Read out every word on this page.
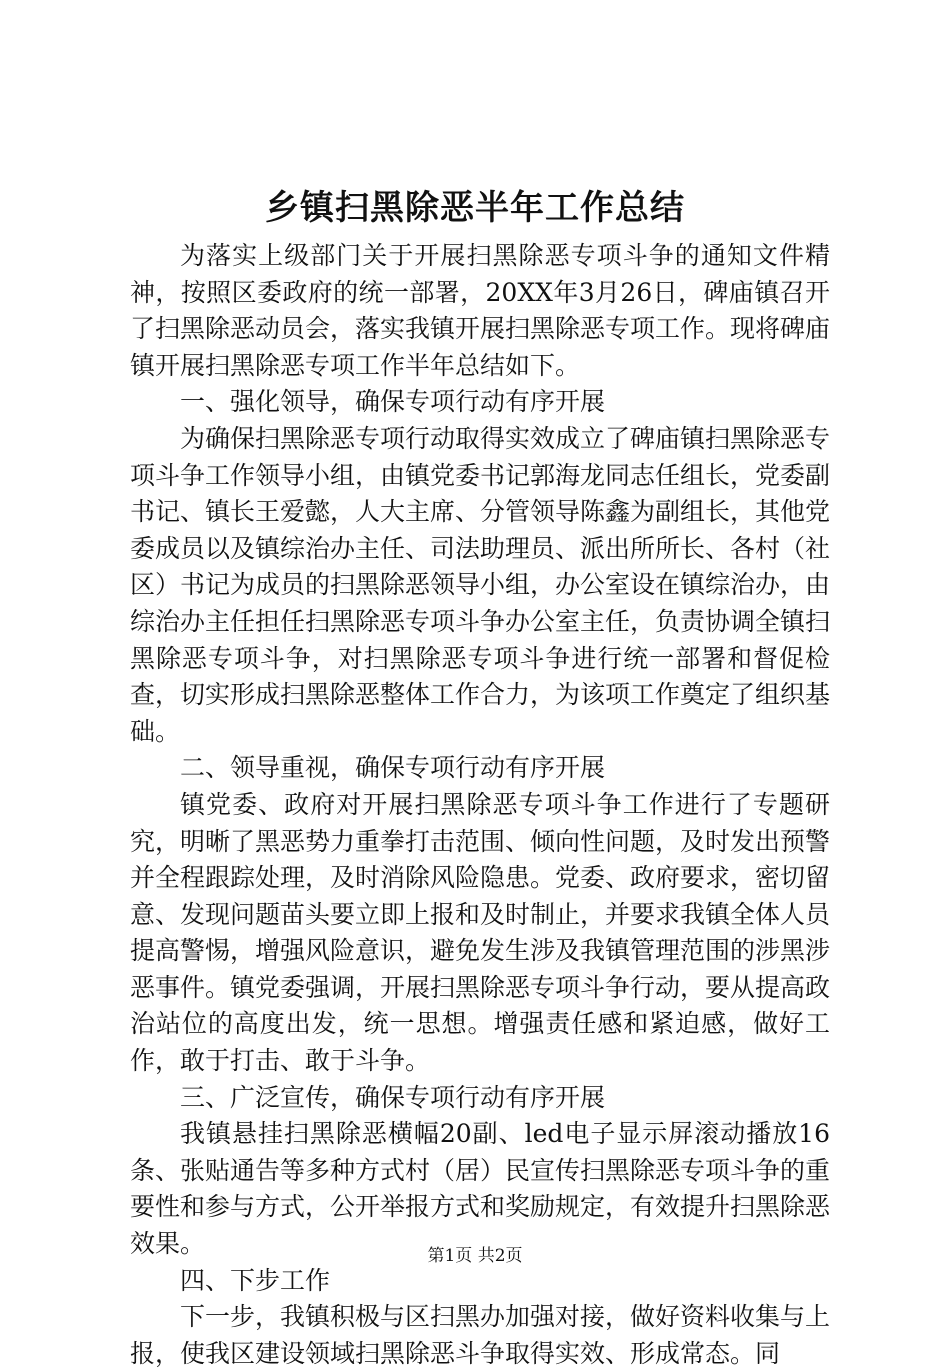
乡镇扫黑除恶半年工作总结

为落实上级部门关于开展扫黑除恶专项斗争的通知文件精神，按照区委政府的统一部署，20XX年3月26日，碑庙镇召开了扫黑除恶动员会，落实我镇开展扫黑除恶专项工作。现将碑庙镇开展扫黑除恶专项工作半年总结如下。

一、强化领导，确保专项行动有序开展

为确保扫黑除恶专项行动取得实效成立了碑庙镇扫黑除恶专项斗争工作领导小组，由镇党委书记郭海龙同志任组长，党委副书记、镇长王爱懿，人大主席、分管领导陈鑫为副组长，其他党委成员以及镇综治办主任、司法助理员、派出所所长、各村（社区）书记为成员的扫黑除恶领导小组，办公室设在镇综治办，由综治办主任担任扫黑除恶专项斗争办公室主任，负责协调全镇扫黑除恶专项斗争，对扫黑除恶专项斗争进行统一部署和督促检查，切实形成扫黑除恶整体工作合力，为该项工作奠定了组织基础。

二、领导重视，确保专项行动有序开展

镇党委、政府对开展扫黑除恶专项斗争工作进行了专题研究，明晰了黑恶势力重拳打击范围、倾向性问题，及时发出预警并全程跟踪处理，及时消除风险隐患。党委、政府要求，密切留意、发现问题苗头要立即上报和及时制止，并要求我镇全体人员提高警惕，增强风险意识，避免发生涉及我镇管理范围的涉黑涉恶事件。镇党委强调，开展扫黑除恶专项斗争行动，要从提高政治站位的高度出发，统一思想。增强责任感和紧迫感，做好工作，敢于打击、敢于斗争。

三、广泛宣传，确保专项行动有序开展

我镇悬挂扫黑除恶横幅20副、led电子显示屏滚动播放16条、张贴通告等多种方式村（居）民宣传扫黑除恶专项斗争的重要性和参与方式，公开举报方式和奖励规定，有效提升扫黑除恶效果。

四、下步工作

下一步，我镇积极与区扫黑办加强对接，做好资料收集与上报，使我区建设领域扫黑除恶斗争取得实效、形成常态。同

第1页 共2页
